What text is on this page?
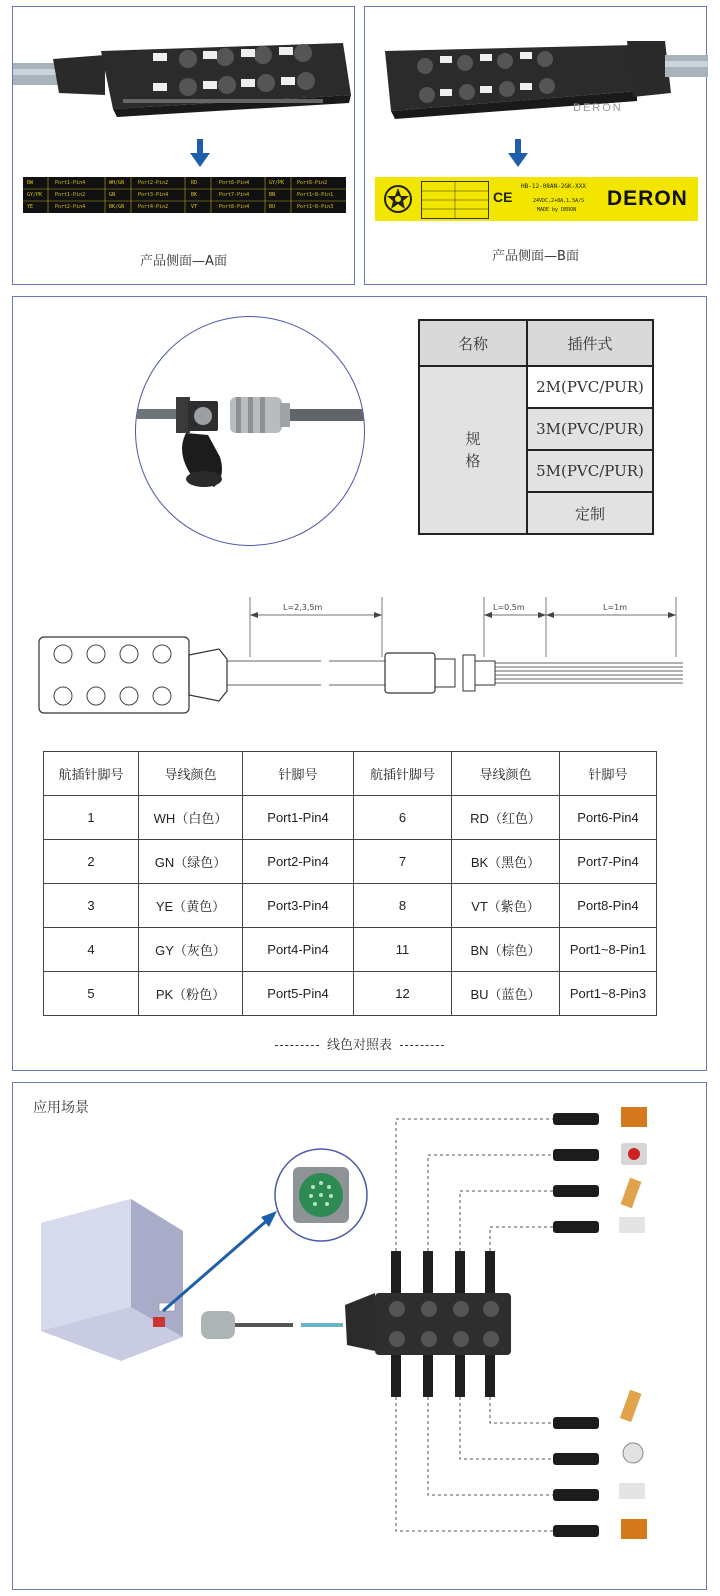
BW	Port1-Pin4	WH/GN	Port2-Pin2	RD	Port6-Pin4	GY/PK	Port6-Pin2
GY/PK	Port1-Pin2	GN	Port3-Pin4	BK	Port7-Pin4	BN	Port1~8-Pin1
YE	Port2-Pin4	BK/GN	Port4-Pin2	VT	Port8-Pin4	BU	Port1~8-Pin3
产品侧面—A面
DERON
CE
HB-12-08AN-2GK-XXX
24VDC,2+8A,1.5A/S
MADE by DERON DERON
产品侧面—B面
名称	插件式
规
格	2M(PVC/PUR)
	3M(PVC/PUR)
	5M(PVC/PUR)
	定制
L=2,3,5m	L=0.5m	L=1m
航插针脚号	导线颜色	针脚号	航插针脚号	导线颜色	针脚号
1	WH（白色）	Port1-Pin4	6	RD（红色）	Port6-Pin4
2	GN（绿色）	Port2-Pin4	7	BK（黑色）	Port7-Pin4
3	YE（黄色）	Port3-Pin4	8	VT（紫色）	Port8-Pin4
4	GY（灰色）	Port4-Pin4	11	BN（棕色）	Port1~8-Pin1
5	PK（粉色）	Port5-Pin4	12	BU（蓝色）	Port1~8-Pin3
线色对照表
应用场景
